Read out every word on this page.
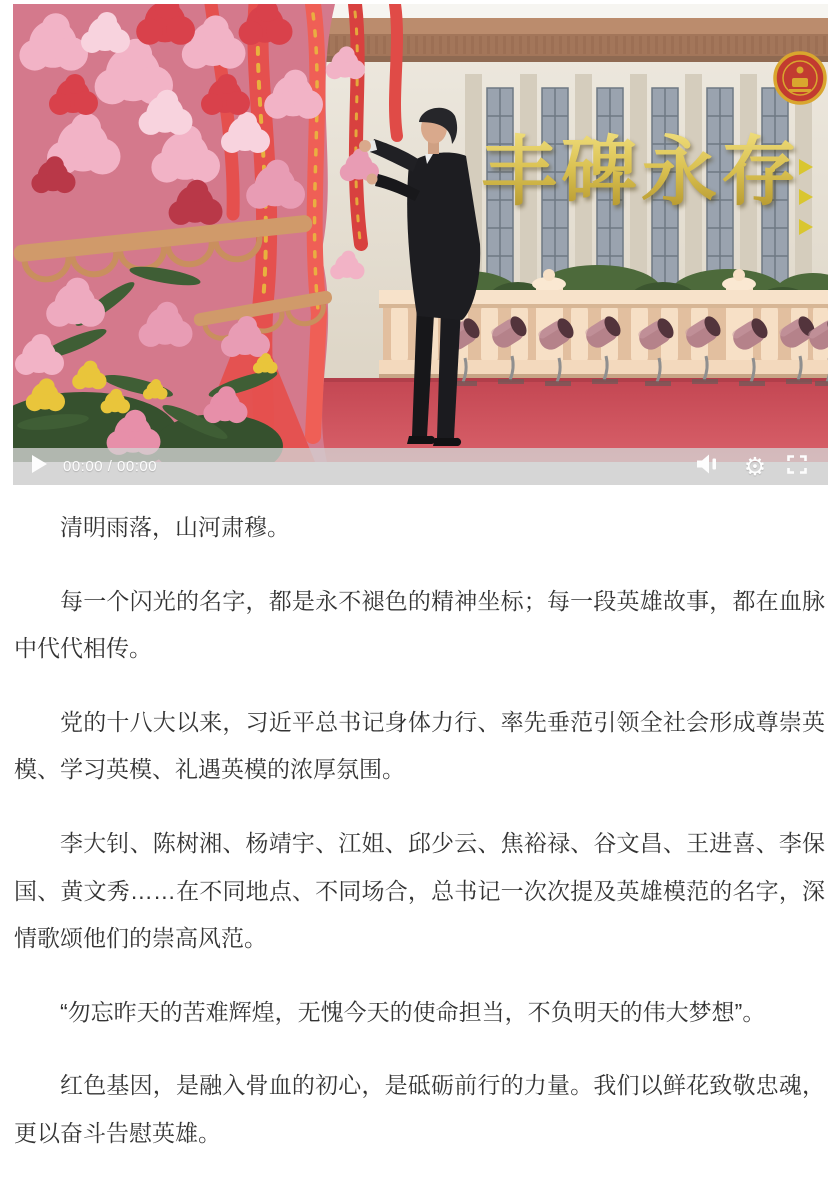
丰碑永存
00:00 / 00:00	⚙

清明雨落，山河肃穆。

每一个闪光的名字，都是永不褪色的精神坐标；每一段英雄故事，都在血脉中代代相传。

党的十八大以来，习近平总书记身体力行、率先垂范引领全社会形成尊崇英模、学习英模、礼遇英模的浓厚氛围。

李大钊、陈树湘、杨靖宇、江姐、邱少云、焦裕禄、谷文昌、王进喜、李保国、黄文秀……在不同地点、不同场合，总书记一次次提及英雄模范的名字，深情歌颂他们的崇高风范。

“勿忘昨天的苦难辉煌，无愧今天的使命担当，不负明天的伟大梦想”。

红色基因，是融入骨血的初心，是砥砺前行的力量。我们以鲜花致敬忠魂，更以奋斗告慰英雄。
